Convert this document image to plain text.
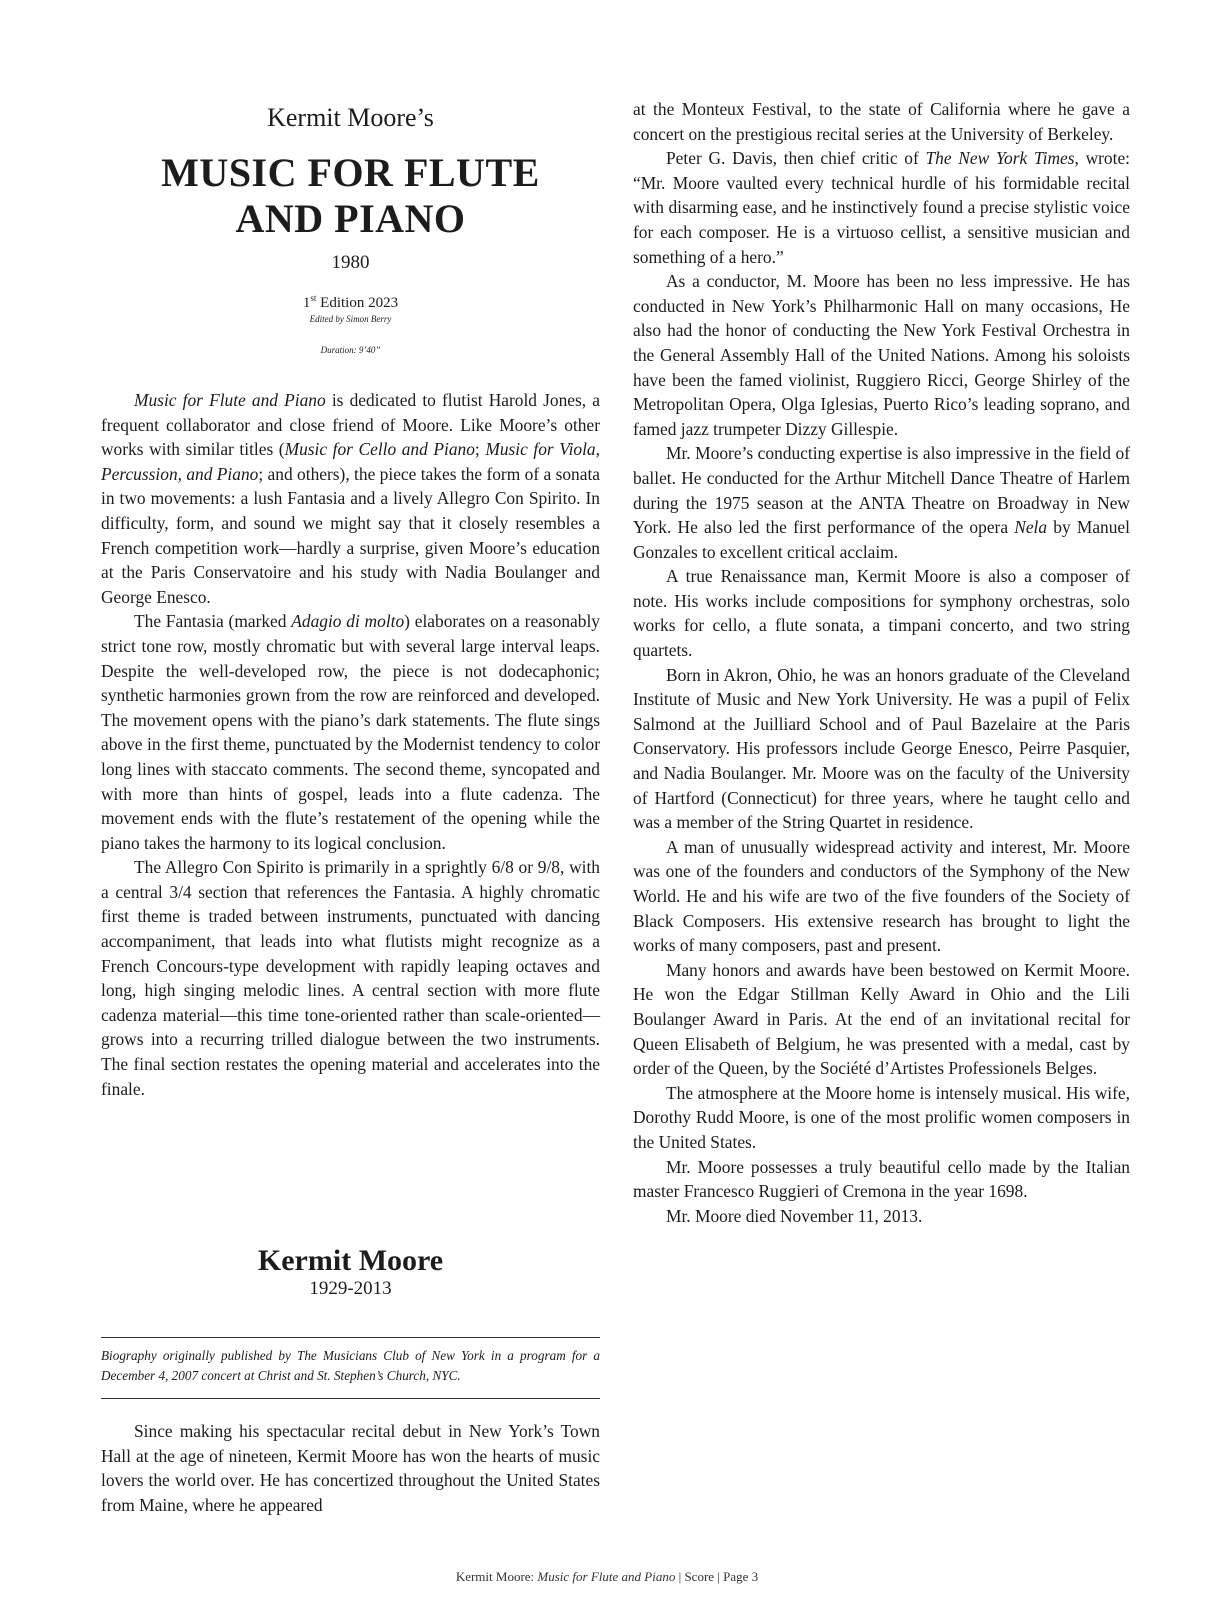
Kermit Moore’s
MUSIC FOR FLUTE
AND PIANO
1980
1st Edition 2023
Edited by Simon Berry
Duration: 9’40”

Music for Flute and Piano is dedicated to flutist Harold Jones, a frequent collaborator and close friend of Moore. Like Moore’s other works with similar titles (Music for Cello and Piano; Music for Viola, Percussion, and Piano; and others), the piece takes the form of a sonata in two movements: a lush Fantasia and a lively Allegro Con Spirito. In difficulty, form, and sound we might say that it closely resembles a French competition work—hardly a surprise, given Moore’s education at the Paris Conservatoire and his study with Nadia Boulanger and George Enesco.

The Fantasia (marked Adagio di molto) elaborates on a reasonably strict tone row, mostly chromatic but with several large interval leaps. Despite the well-developed row, the piece is not dodecaphonic; synthetic harmonies grown from the row are reinforced and developed. The movement opens with the piano’s dark statements. The flute sings above in the first theme, punctuated by the Modernist tendency to color long lines with staccato comments. The second theme, syncopated and with more than hints of gospel, leads into a flute cadenza. The movement ends with the flute’s restatement of the opening while the piano takes the harmony to its logical conclusion.

The Allegro Con Spirito is primarily in a sprightly 6/8 or 9/8, with a central 3/4 section that references the Fantasia. A highly chromatic first theme is traded between instruments, punctuated with dancing accompaniment, that leads into what flutists might recognize as a French Concours-type development with rapidly leaping octaves and long, high singing melodic lines. A central section with more flute cadenza material—this time tone-oriented rather than scale-oriented—grows into a recurring trilled dialogue between the two instruments. The final section restates the opening material and accelerates into the finale.

Kermit Moore
1929-2013
Biography originally published by The Musicians Club of New York in a program for a December 4, 2007 concert at Christ and St. Stephen’s Church, NYC.

Since making his spectacular recital debut in New York’s Town Hall at the age of nineteen, Kermit Moore has won the hearts of music lovers the world over. He has concertized throughout the United States from Maine, where he appeared

at the Monteux Festival, to the state of California where he gave a concert on the prestigious recital series at the University of Berkeley.

Peter G. Davis, then chief critic of The New York Times, wrote: “Mr. Moore vaulted every technical hurdle of his formidable recital with disarming ease, and he instinctively found a precise stylistic voice for each composer. He is a virtuoso cellist, a sensitive musician and something of a hero.”

As a conductor, M. Moore has been no less impressive. He has conducted in New York’s Philharmonic Hall on many occasions, He also had the honor of conducting the New York Festival Orchestra in the General Assembly Hall of the United Nations. Among his soloists have been the famed violinist, Ruggiero Ricci, George Shirley of the Metropolitan Opera, Olga Iglesias, Puerto Rico’s leading soprano, and famed jazz trumpeter Dizzy Gillespie.

Mr. Moore’s conducting expertise is also impressive in the field of ballet. He conducted for the Arthur Mitchell Dance Theatre of Harlem during the 1975 season at the ANTA Theatre on Broadway in New York. He also led the first performance of the opera Nela by Manuel Gonzales to excellent critical acclaim.

A true Renaissance man, Kermit Moore is also a composer of note. His works include compositions for symphony orchestras, solo works for cello, a flute sonata, a timpani concerto, and two string quartets.

Born in Akron, Ohio, he was an honors graduate of the Cleveland Institute of Music and New York University. He was a pupil of Felix Salmond at the Juilliard School and of Paul Bazelaire at the Paris Conservatory. His professors include George Enesco, Peirre Pasquier, and Nadia Boulanger. Mr. Moore was on the faculty of the University of Hartford (Connecticut) for three years, where he taught cello and was a member of the String Quartet in residence.

A man of unusually widespread activity and interest, Mr. Moore was one of the founders and conductors of the Symphony of the New World. He and his wife are two of the five founders of the Society of Black Composers. His extensive research has brought to light the works of many composers, past and present.

Many honors and awards have been bestowed on Kermit Moore. He won the Edgar Stillman Kelly Award in Ohio and the Lili Boulanger Award in Paris. At the end of an invitational recital for Queen Elisabeth of Belgium, he was presented with a medal, cast by order of the Queen, by the Société d’Artistes Professionels Belges.

The atmosphere at the Moore home is intensely musical. His wife, Dorothy Rudd Moore, is one of the most prolific women composers in the United States.

Mr. Moore possesses a truly beautiful cello made by the Italian master Francesco Ruggieri of Cremona in the year 1698.

Mr. Moore died November 11, 2013.

Kermit Moore: Music for Flute and Piano | Score | Page 3
